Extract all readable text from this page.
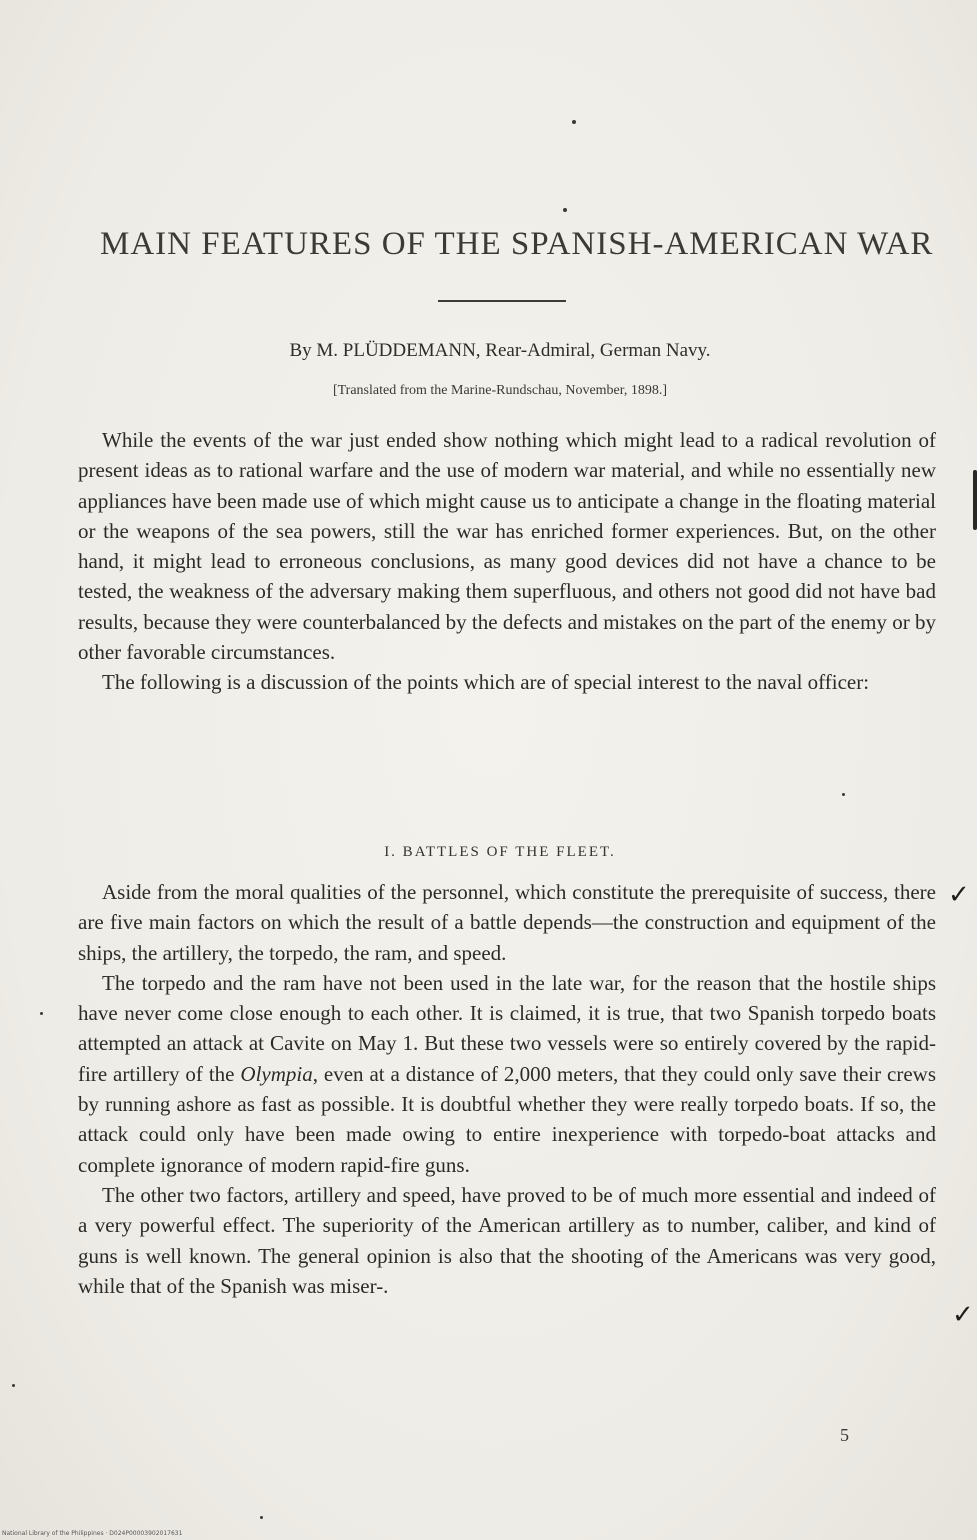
MAIN FEATURES OF THE SPANISH-AMERICAN WAR
By M. PLÜDDEMANN, Rear-Admiral, German Navy.
[Translated from the Marine-Rundschau, November, 1898.]

While the events of the war just ended show nothing which might lead to a radical revolution of present ideas as to rational warfare and the use of modern war material, and while no essentially new appliances have been made use of which might cause us to anticipate a change in the floating material or the weapons of the sea powers, still the war has enriched former experiences. But, on the other hand, it might lead to erroneous conclusions, as many good devices did not have a chance to be tested, the weakness of the adversary making them superfluous, and others not good did not have bad results, because they were counterbalanced by the defects and mistakes on the part of the enemy or by other favorable circumstances.

The following is a discussion of the points which are of special interest to the naval officer:

I. BATTLES OF THE FLEET.

Aside from the moral qualities of the personnel, which constitute the prerequisite of success, there are five main factors on which the result of a battle depends—the construction and equipment of the ships, the artillery, the torpedo, the ram, and speed.

The torpedo and the ram have not been used in the late war, for the reason that the hostile ships have never come close enough to each other. It is claimed, it is true, that two Spanish torpedo boats attempted an attack at Cavite on May 1. But these two vessels were so entirely covered by the rapid-fire artillery of the Olympia, even at a distance of 2,000 meters, that they could only save their crews by running ashore as fast as possible. It is doubtful whether they were really torpedo boats. If so, the attack could only have been made owing to entire inexperience with torpedo-boat attacks and complete ignorance of modern rapid-fire guns.

The other two factors, artillery and speed, have proved to be of much more essential and indeed of a very powerful effect. The superiority of the American artillery as to number, caliber, and kind of guns is well known. The general opinion is also that the shooting of the Americans was very good, while that of the Spanish was miser-.

✓
✓
5
National Library of the Philippines · D024P00003902017631
